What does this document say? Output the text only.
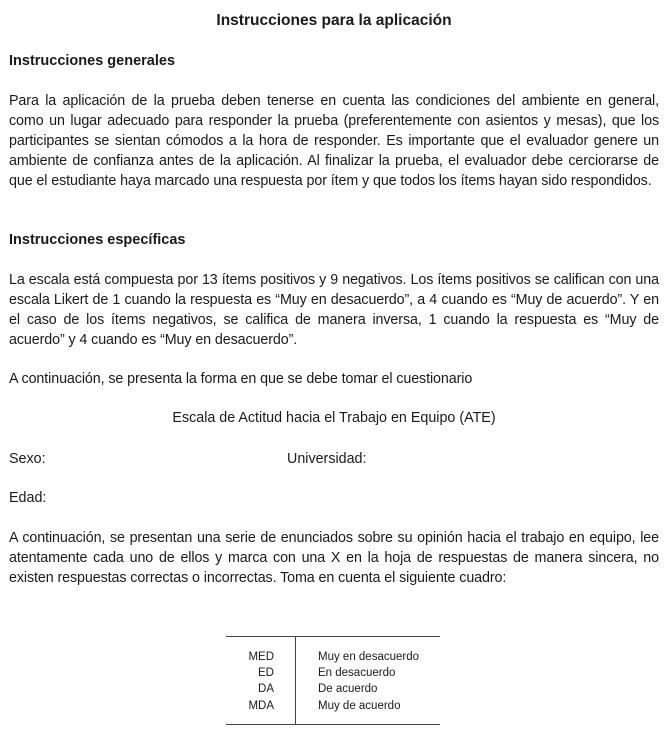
Instrucciones para la aplicación
Instrucciones generales
Para la aplicación de la prueba deben tenerse en cuenta las condiciones del ambiente en general, como un lugar adecuado para responder la prueba (preferentemente con asientos y mesas), que los participantes se sientan cómodos a la hora de responder. Es importante que el evaluador genere un ambiente de confianza antes de la aplicación. Al finalizar la prueba, el evaluador debe cerciorarse de que el estudiante haya marcado una respuesta por ítem y que todos los ítems hayan sido respondidos.
Instrucciones específicas
La escala está compuesta por 13 ítems positivos y 9 negativos. Los ítems positivos se califican con una escala Likert de 1 cuando la respuesta es “Muy en desacuerdo”, a 4 cuando es “Muy de acuerdo”. Y en el caso de los ítems negativos, se califica de manera inversa, 1 cuando la respuesta es “Muy de acuerdo” y 4 cuando es “Muy en desacuerdo”.
A continuación, se presenta la forma en que se debe tomar el cuestionario
Escala de Actitud hacia el Trabajo en Equipo (ATE)
Sexo:	Universidad:
Edad:
A continuación, se presentan una serie de enunciados sobre su opinión hacia el trabajo en equipo, lee atentamente cada uno de ellos y marca con una X en la hoja de respuestas de manera sincera, no existen respuestas correctas o incorrectas. Toma en cuenta el siguiente cuadro:
MED	Muy en desacuerdo
ED	En desacuerdo
DA	De acuerdo
MDA	Muy de acuerdo
